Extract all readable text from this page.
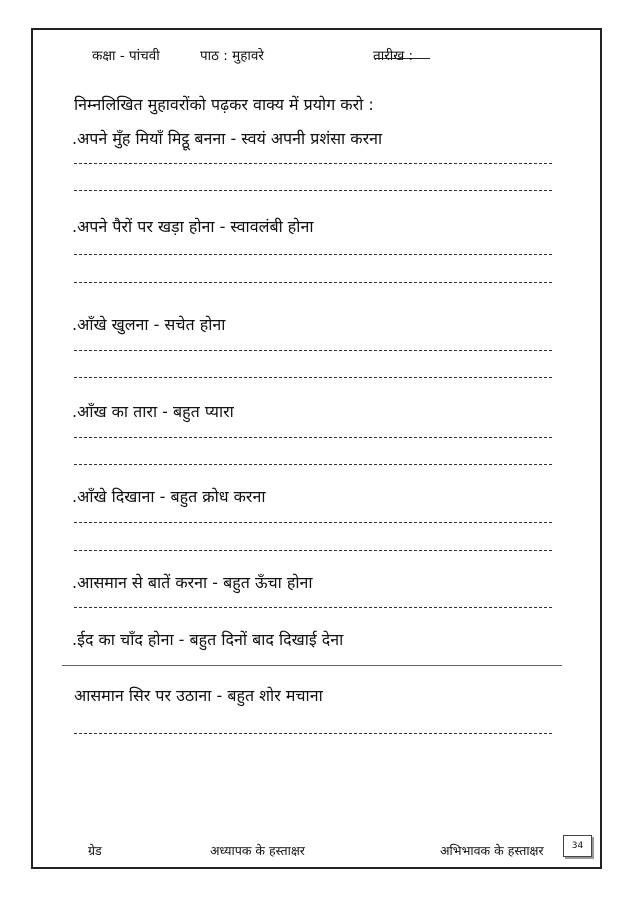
कक्षा - पांचवी	पाठ : मुहावरे	तारीख :
निम्नलिखित मुहावरोंको पढ़कर वाक्य में प्रयोग करो :
.अपने मुँह मियाँ मिट्ठू बनना - स्वयं अपनी प्रशंसा करना
.अपने पैरों पर खड़ा होना - स्वावलंबी होना
.आँखे खुलना - सचेत होना
.आँख का तारा - बहुत प्यारा
.आँखे दिखाना - बहुत क्रोध करना
.आसमान से बातें करना - बहुत ऊँचा होना
.ईद का चाँद होना - बहुत दिनों बाद दिखाई देना
आसमान सिर पर उठाना - बहुत शोर मचाना
ग्रेड	अध्यापक के हस्ताक्षर	अभिभावक के हस्ताक्षर	34
